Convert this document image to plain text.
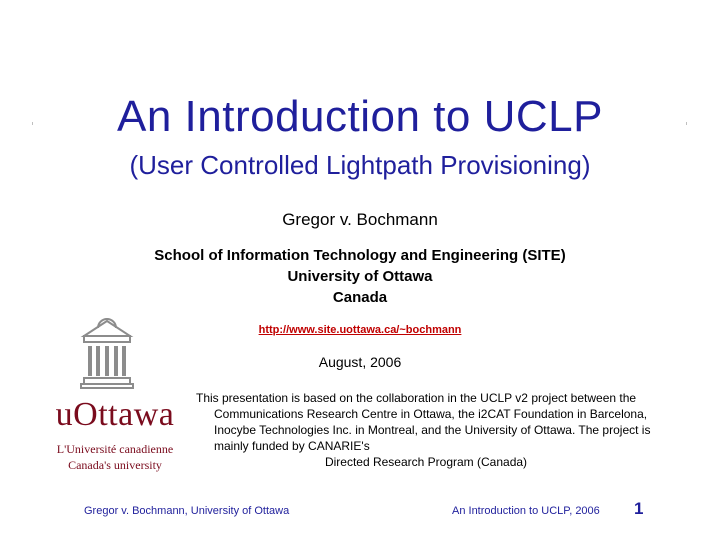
An Introduction to UCLP
(User Controlled Lightpath Provisioning)
Gregor v. Bochmann
School of Information Technology and Engineering (SITE)
University of Ottawa
Canada
http://www.site.uottawa.ca/~bochmann
August, 2006

This presentation is based on the collaboration in the UCLP v2 project between the Communications Research Centre in Ottawa, the i2CAT Foundation in Barcelona, Inocybe Technologies Inc. in Montreal, and the University of Ottawa. The project is mainly funded by CANARIE's

Directed Research Program (Canada)
uOttawa
L'Université canadienne
Canada's university
Gregor v. Bochmann, University of Ottawa	An Introduction to UCLP, 2006 1
